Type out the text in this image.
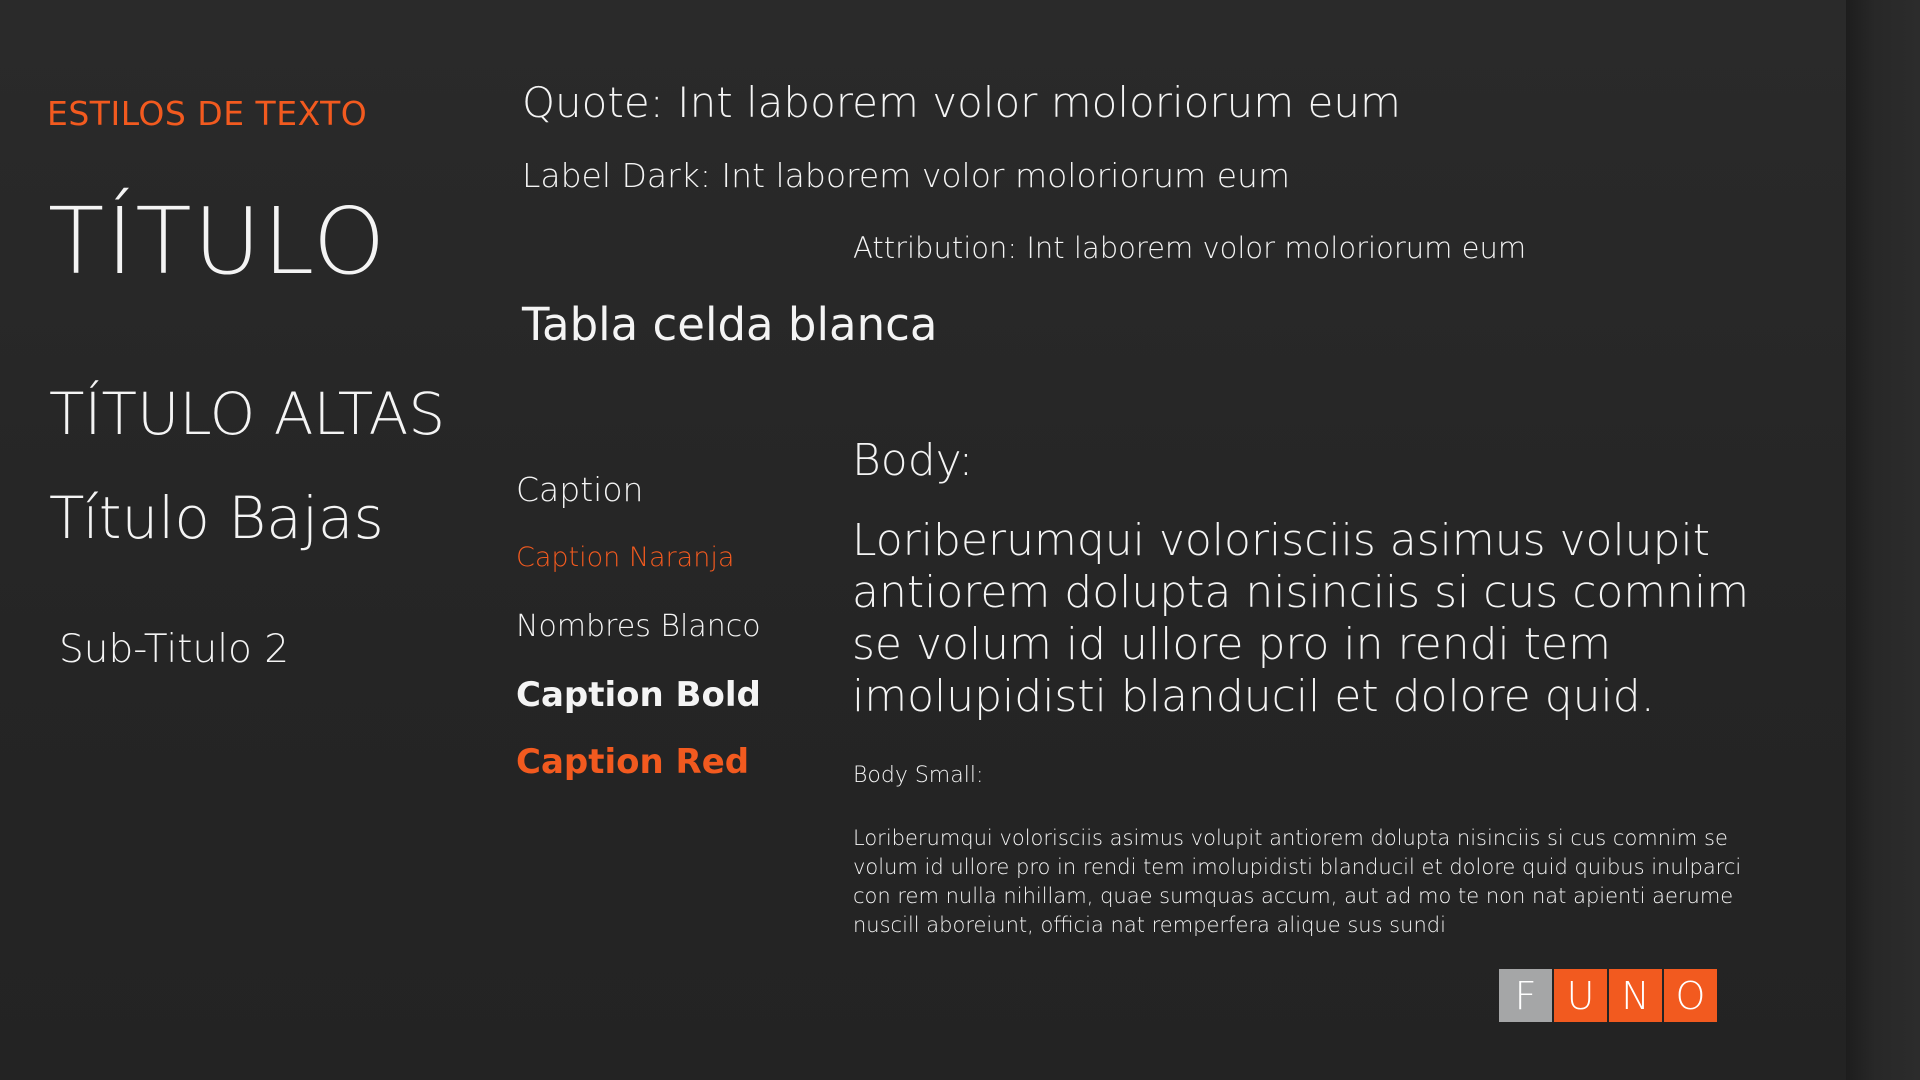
ESTILOS DE TEXTO
TÍTULO
TÍTULO ALTAS
Título Bajas
Sub-Titulo 2
Quote: Int laborem volor moloriorum eum
Label Dark: Int laborem volor moloriorum eum
Attribution: Int laborem volor moloriorum eum
Tabla celda blanca
Caption
Caption Naranja
Nombres Blanco
Caption Bold
Caption Red
Body:
Loriberumqui volorisciis asimus volupit antiorem dolupta nisinciis si cus comnim se volum id ullore pro in rendi tem imolupidisti blanducil et dolore quid.
Body Small:
Loriberumqui volorisciis asimus volupit antiorem dolupta nisinciis si cus comnim se volum id ullore pro in rendi tem imolupidisti blanducil et dolore quid quibus inulparci con rem nulla nihillam, quae sumquas accum, aut ad mo te non nat apienti aerume nuscill aboreiunt, officia nat remperfera alique sus sundi
F U N O
